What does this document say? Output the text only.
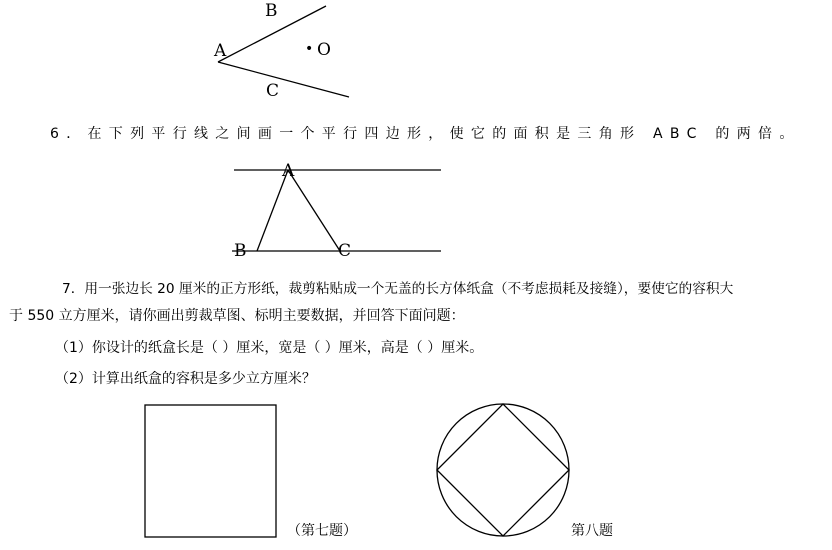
B
A
C
• O
6．在下列平行线之间画一个平行四边形，使它的面积是三角形 ABC 的两倍。
A
B	C
7．用一张边长 20 厘米的正方形纸，裁剪粘贴成一个无盖的长方体纸盒（不考虑损耗及接缝），要使它的容积大
于 550 立方厘米，请你画出剪裁草图、标明主要数据，并回答下面问题：
（1）你设计的纸盒长是（ ）厘米，宽是（ ）厘米，高是（ ）厘米。
（2）计算出纸盒的容积是多少立方厘米？
（第七题）	第八题
